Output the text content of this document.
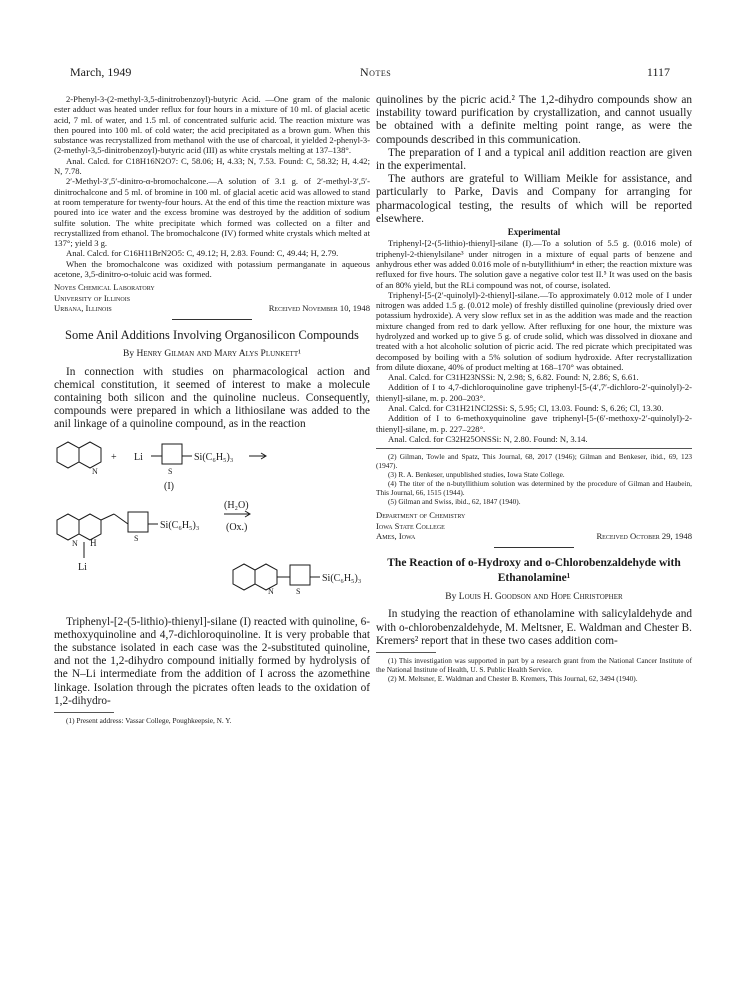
March, 1949	Notes	1117

2-Phenyl-3-(2-methyl-3,5-dinitrobenzoyl)-butyric Acid. —One gram of the malonic ester adduct was heated under reflux for four hours in a mixture of 10 ml. of glacial acetic acid, 7 ml. of water, and 1.5 ml. of concentrated sulfuric acid. The reaction mixture was then poured into 100 ml. of cold water; the acid precipitated as a brown gum. When this substance was recrystallized from methanol with the use of charcoal, it yielded 2-phenyl-3-(2-methyl-3,5-dinitrobenzoyl)-butyric acid (III) as white crystals melting at 137–138°.

Anal. Calcd. for C18H16N2O7: C, 58.06; H, 4.33; N, 7.53. Found: C, 58.32; H, 4.42; N, 7.78.

2′-Methyl-3′,5′-dinitro-α-bromochalcone.—A solution of 3.1 g. of 2′-methyl-3′,5′-dinitrochalcone and 5 ml. of bromine in 100 ml. of glacial acetic acid was allowed to stand at room temperature for twenty-four hours. At the end of this time the reaction mixture was poured into ice water and the excess bromine was destroyed by the addition of sodium sulfite solution. The white precipitate which formed was collected on a filter and recrystallized from ethanol. The bromochalcone (IV) formed white crystals which melted at 137°; yield 3 g.

Anal. Calcd. for C16H11BrN2O5: C, 49.12; H, 2.83. Found: C, 49.44; H, 2.79.

When the bromochalcone was oxidized with potassium permanganate in aqueous acetone, 3,5-dinitro-o-toluic acid was formed.

Noyes Chemical Laboratory
University of Illinois
Urbana, Illinois	Received November 10, 1948
Some Anil Additions Involving Organosilicon Compounds
By Henry Gilman and Mary Alys Plunkett¹

In connection with studies on pharmacological action and chemical constitution, it seemed of interest to make a molecule containing both silicon and the quinoline nucleus. Consequently, compounds were prepared in which a lithiosilane was added to the anil linkage of a quinoline compound, as in the reaction

N
+ Li
S
Si(C₆H₅)₃
(I)
N H	S
Si(C₆H₅)₃
Li
(H₂O)
(Ox.)
N	S
Si(C₆H₅)₃

Triphenyl-[2-(5-lithio)-thienyl]-silane (I) reacted with quinoline, 6-methoxyquinoline and 4,7-dichloroquinoline. It is very probable that the substance isolated in each case was the 2-substituted quinoline, and not the 1,2-dihydro compound initially formed by hydrolysis of the N–Li intermediate from the addition of I across the azomethine linkage. Isolation through the picrates often leads to the oxidation of 1,2-dihydro-

(1) Present address: Vassar College, Poughkeepsie, N. Y.

quinolines by the picric acid.² The 1,2-dihydro compounds show an instability toward purification by crystallization, and cannot usually be obtained with a definite melting point range, as were the compounds described in this communication.

The preparation of I and a typical anil addition reaction are given in the experimental.

The authors are grateful to William Meikle for assistance, and particularly to Parke, Davis and Company for arranging for pharmacological testing, the results of which will be reported elsewhere.

Experimental

Triphenyl-[2-(5-lithio)-thienyl]-silane (I).—To a solution of 5.5 g. (0.016 mole) of triphenyl-2-thienylsilane³ under nitrogen in a mixture of equal parts of benzene and anhydrous ether was added 0.016 mole of n-butyllithium⁴ in ether; the reaction mixture was refluxed for five hours. The solution gave a negative color test II.⁵ It was used on the basis of an 80% yield, but the RLi compound was not, of course, isolated.

Triphenyl-[5-(2′-quinolyl)-2-thienyl]-silane.—To approximately 0.012 mole of I under nitrogen was added 1.5 g. (0.012 mole) of freshly distilled quinoline (previously dried over potassium hydroxide). A very slow reflux set in as the addition was made and the reaction mixture changed from red to dark yellow. After refluxing for one hour, the mixture was hydrolyzed and worked up to give 5 g. of crude solid, which was dissolved in dioxane and treated with a hot alcoholic solution of picric acid. The red picrate which precipitated was decomposed by boiling with a 5% solution of sodium hydroxide. After recrystallization from dilute dioxane, 40% of product melting at 168–170° was obtained.

Anal. Calcd. for C31H23NSSi: N, 2.98; S, 6.82. Found: N, 2.86; S, 6.61.

Addition of I to 4,7-dichloroquinoline gave triphenyl-[5-(4′,7′-dichloro-2′-quinolyl)-2-thienyl]-silane, m. p. 200–203°.

Anal. Calcd. for C31H21NCl2SSi: S, 5.95; Cl, 13.03. Found: S, 6.26; Cl, 13.30.

Addition of I to 6-methoxyquinoline gave triphenyl-[5-(6′-methoxy-2′-quinolyl)-2-thienyl]-silane, m. p. 227–228°.

Anal. Calcd. for C32H25ONSSi: N, 2.80. Found: N, 3.14.

(2) Gilman, Towle and Spatz, This Journal, 68, 2017 (1946); Gilman and Benkeser, ibid., 69, 123 (1947).

(3) R. A. Benkeser, unpublished studies, Iowa State College.

(4) The titer of the n-butyllithium solution was determined by the procedure of Gilman and Haubein, This Journal, 66, 1515 (1944).

(5) Gilman and Swiss, ibid., 62, 1847 (1940).

Department of Chemistry
Iowa State College
Ames, Iowa	Received October 29, 1948
The Reaction of o-Hydroxy and o-Chlorobenzaldehyde with Ethanolamine¹
By Louis H. Goodson and Hope Christopher

In studying the reaction of ethanolamine with salicylaldehyde and with o-chlorobenzaldehyde, M. Meltsner, E. Waldman and Chester B. Kremers² report that in these two cases addition com-

(1) This investigation was supported in part by a research grant from the National Cancer Institute of the National Institute of Health, U. S. Public Health Service.

(2) M. Meltsner, E. Waldman and Chester B. Kremers, This Journal, 62, 3494 (1940).
